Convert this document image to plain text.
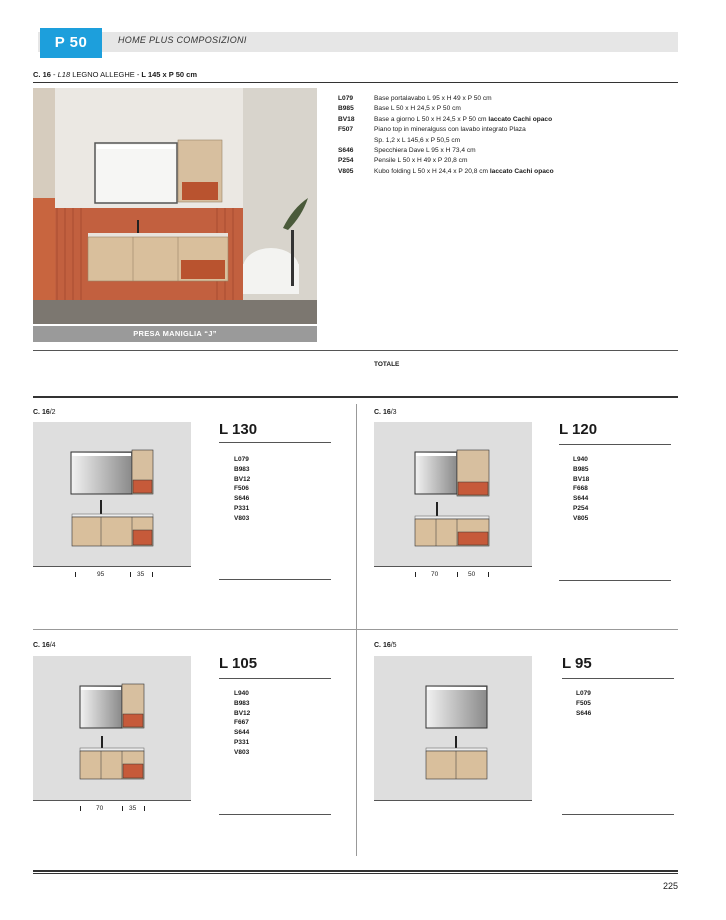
P 50	HOME PLUS COMPOSIZIONI
C. 16 - L18 LEGNO ALLEGHE - L 145 x P 50 cm
PRESA MANIGLIA “J”
L079	Base portalavabo L 95 x H 49 x P 50 cm
B985	Base L 50 x H 24,5 x P 50 cm
BV18	Base a giorno L 50 x H 24,5 x P 50 cm laccato Cachi opaco
F507	Piano top in mineralguss con lavabo integrato Plaza
Sp. 1,2 x L 145,6 x P 50,5 cm
S646	Specchiera Dave L 95 x H 73,4 cm
P254	Pensile L 50 x H 49 x P 20,8 cm
V805	Kubo folding L 50 x H 24,4 x P 20,8 cm laccato Cachi opaco
TOTALE
C. 16/2
95	35
L 130
L079
B983
BV12
F506
S646
P331
V803
C. 16/3
70	50
L 120
L940
B985
BV18
F668
S644
P254
V805
C. 16/4
70	35
L 105
L940
B983
BV12
F667
S644
P331
V803
C. 16/5
L 95
L079
F505
S646
225
